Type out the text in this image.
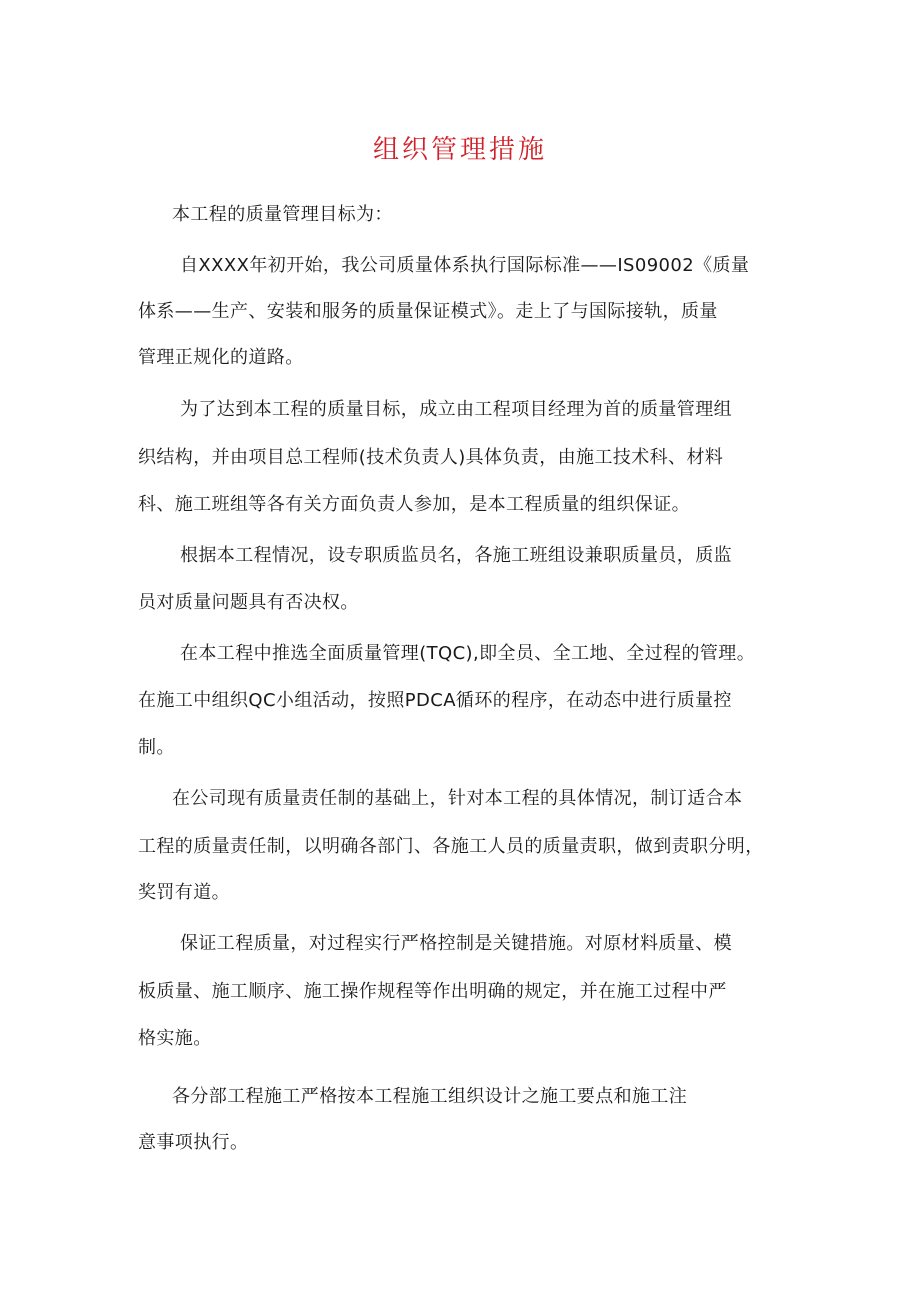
组织管理措施
本工程的质量管理目标为：
自XXXX年初开始，我公司质量体系执行国际标准——IS09002《质量
体系——生产、安装和服务的质量保证模式》。走上了与国际接轨，质量
管理正规化的道路。
为了达到本工程的质量目标，成立由工程项目经理为首的质量管理组
织结构，并由项目总工程师(技术负责人)具体负责，由施工技术科、材料
科、施工班组等各有关方面负责人参加，是本工程质量的组织保证。
根据本工程情况，设专职质监员名，各施工班组设兼职质量员，质监
员对质量问题具有否决权。
在本工程中推选全面质量管理(TQC),即全员、全工地、全过程的管理。
在施工中组织QC小组活动，按照PDCA循环的程序，在动态中进行质量控
制。
在公司现有质量责任制的基础上，针对本工程的具体情况，制订适合本
工程的质量责任制，以明确各部门、各施工人员的质量责职，做到责职分明，
奖罚有道。
保证工程质量，对过程实行严格控制是关键措施。对原材料质量、模
板质量、施工顺序、施工操作规程等作出明确的规定，并在施工过程中严
格实施。
各分部工程施工严格按本工程施工组织设计之施工要点和施工注
意事项执行。
